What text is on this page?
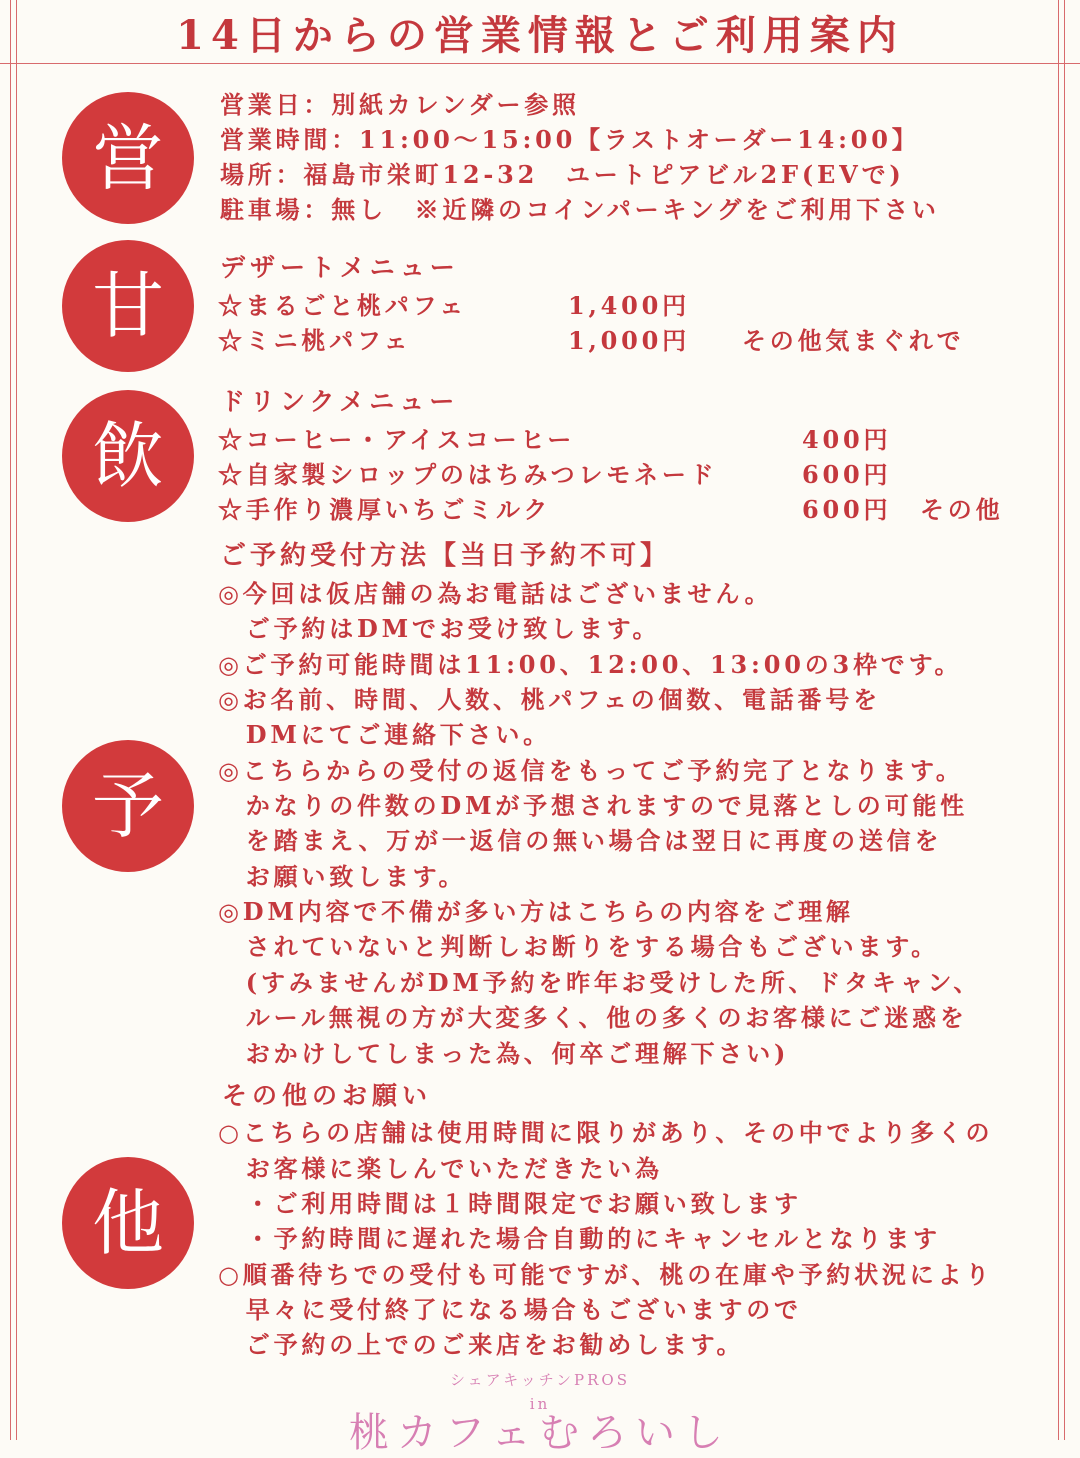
14日からの営業情報とご利用案内
営
甘
飲
予
他
営業日：別紙カレンダー参照
営業時間：11:00〜15:00【ラストオーダー14:00】
場所：福島市栄町12-32　ユートピアビル2F(EVで)
駐車場：無し　※近隣のコインパーキングをご利用下さい
デザートメニュー
☆まるごと桃パフェ	1,400円
☆ミニ桃パフェ	1,000円 その他気まぐれで
ドリンクメニュー
☆コーヒー・アイスコーヒー	400円
☆自家製シロップのはちみつレモネード	600円
☆手作り濃厚いちごミルク	600円 その他
ご予約受付方法【当日予約不可】
◎今回は仮店舗の為お電話はございません。
　ご予約はDMでお受け致します。
◎ご予約可能時間は11:00、12:00、13:00の3枠です。
◎お名前、時間、人数、桃パフェの個数、電話番号を
　DMにてご連絡下さい。
◎こちらからの受付の返信をもってご予約完了となります。
　かなりの件数のDMが予想されますので見落としの可能性
　を踏まえ、万が一返信の無い場合は翌日に再度の送信を
　お願い致します。
◎DM内容で不備が多い方はこちらの内容をご理解
　されていないと判断しお断りをする場合もございます。
　(すみませんがDM予約を昨年お受けした所、ドタキャン、
　ルール無視の方が大変多く、他の多くのお客様にご迷惑を
　おかけしてしまった為、何卒ご理解下さい)
その他のお願い
○こちらの店舗は使用時間に限りがあり、その中でより多くの
　お客様に楽しんでいただきたい為
　・ご利用時間は１時間限定でお願い致します
　・予約時間に遅れた場合自動的にキャンセルとなります
○順番待ちでの受付も可能ですが、桃の在庫や予約状況により
　早々に受付終了になる場合もございますので
　ご予約の上でのご来店をお勧めします。
シェアキッチンPROS
in
桃カフェむろいし
